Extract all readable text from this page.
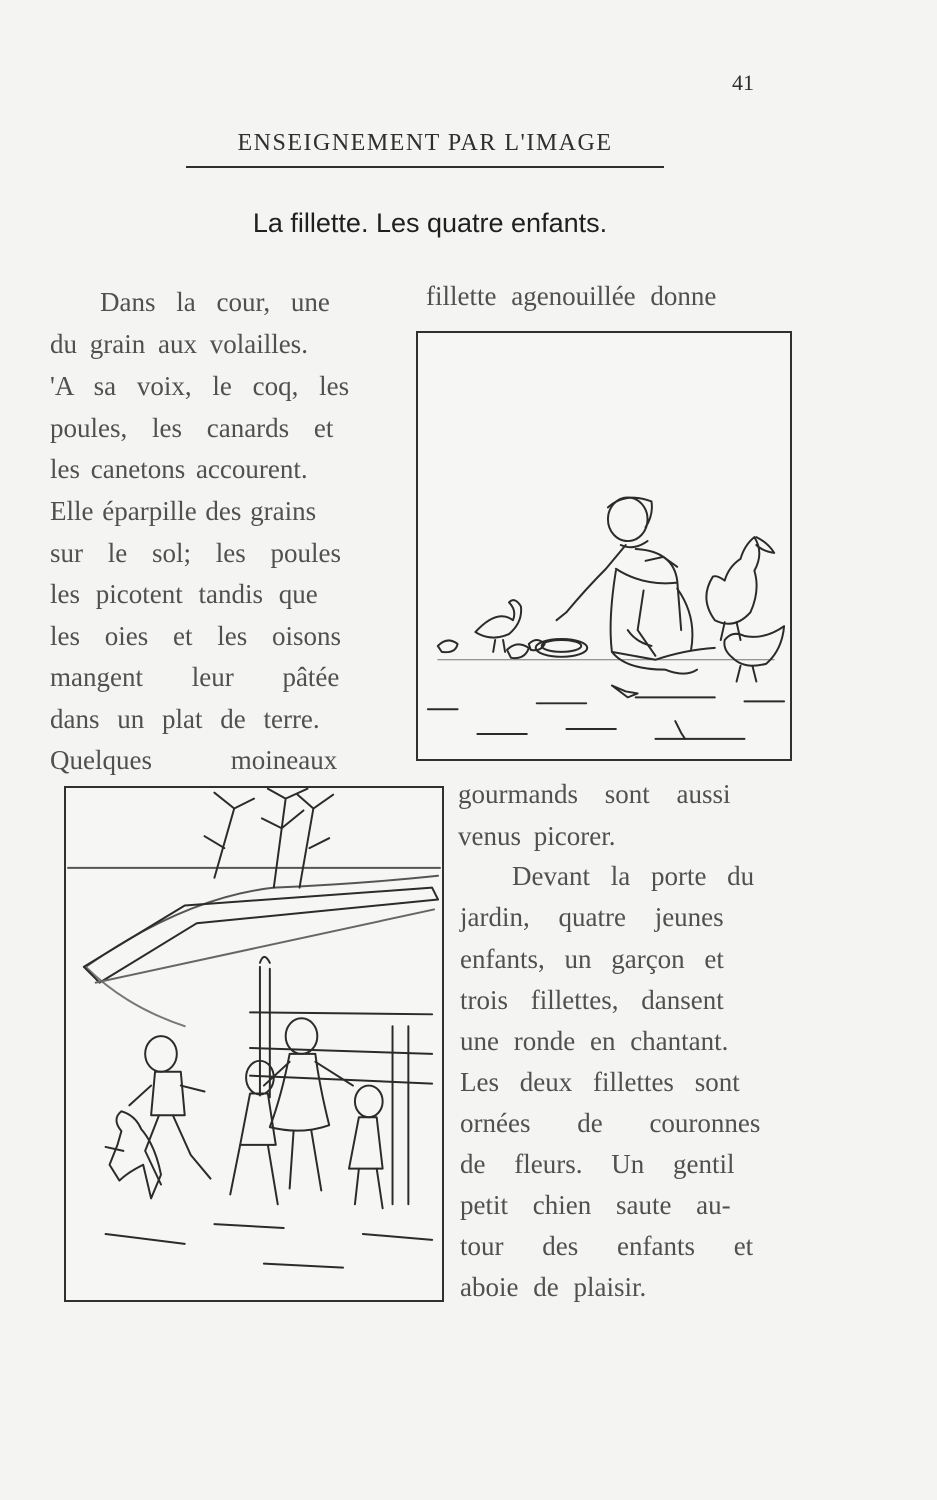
41
ENSEIGNEMENT PAR L'IMAGE
La fillette. Les quatre enfants.
Dans la cour, une	fillette agenouillée donne
du grain aux volailles.
'A sa voix, le coq, les
poules, les canards et
les canetons accourent.
Elle éparpille des grains
sur le sol; les poules
les picotent tandis que
les oies et les oisons
mangent leur pâtée
dans un plat de terre.
Quelques moineaux
gourmands sont aussi
venus picorer.
Devant la porte du
jardin, quatre jeunes
enfants, un garçon et
trois fillettes, dansent
une ronde en chantant.
Les deux fillettes sont
ornées de couronnes
de fleurs. Un gentil
petit chien saute au-
tour des enfants et
aboie de plaisir.
